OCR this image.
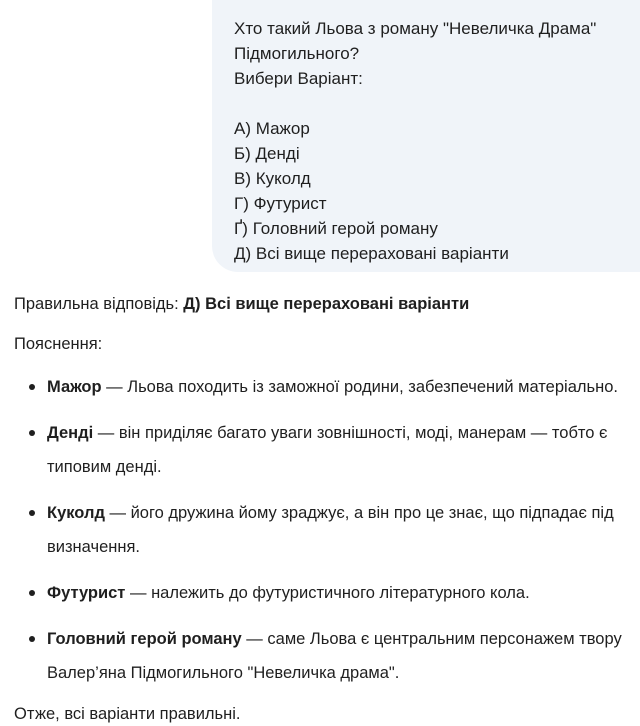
Хто такий Льова з роману "Невеличка Драма"

Підмогильного?

Вибери Варіант:

А) Мажор
Б) Денді
В) Куколд
Г) Футурист
Ґ) Головний герой роману
Д) Всі вище перераховані варіанти

Правильна відповідь: Д) Всі вище перераховані варіанти

Пояснення:

Мажор — Льова походить із заможної родини, забезпечений матеріально.
Денді — він приділяє багато уваги зовнішності, моді, манерам — тобто є типовим денді.
Куколд — його дружина йому зраджує, а він про це знає, що підпадає під визначення.
Футурист — належить до футуристичного літературного кола.
Головний герой роману — саме Льова є центральним персонажем твору Валер’яна Підмогильного "Невеличка драма".

Отже, всі варіанти правильні.
